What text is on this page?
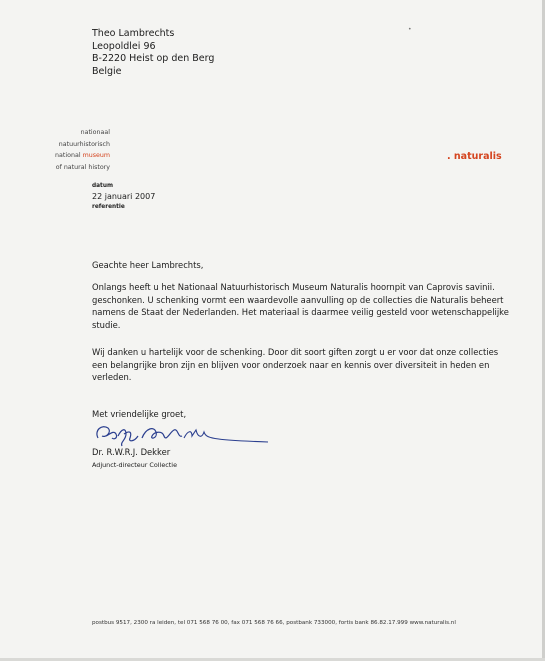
•
Theo Lambrechts
Leopoldlei 96
B-2220 Heist op den Berg
Belgie
nationaal
natuurhistorisch
national museum
of natural history
. naturalis
datum
22 januari 2007
referentie

Geachte heer Lambrechts,

Onlangs heeft u het Nationaal Natuurhistorisch Museum Naturalis hoornpit van Caprovis savinii. geschonken. U schenking vormt een waardevolle aanvulling op de collecties die Naturalis beheert namens de Staat der Nederlanden. Het materiaal is daarmee veilig gesteld voor wetenschappelijke studie.

Wij danken u hartelijk voor de schenking. Door dit soort giften zorgt u er voor dat onze collecties een belangrijke bron zijn en blijven voor onderzoek naar en kennis over diversiteit in heden en verleden.

Met vriendelijke groet,

Dr. R.W.R.J. Dekker
Adjunct-directeur Collectie
postbus 9517, 2300 ra leiden, tel 071 568 76 00, fax 071 568 76 66, postbank 733000, fortis bank 86.82.17.999 www.naturalis.nl
